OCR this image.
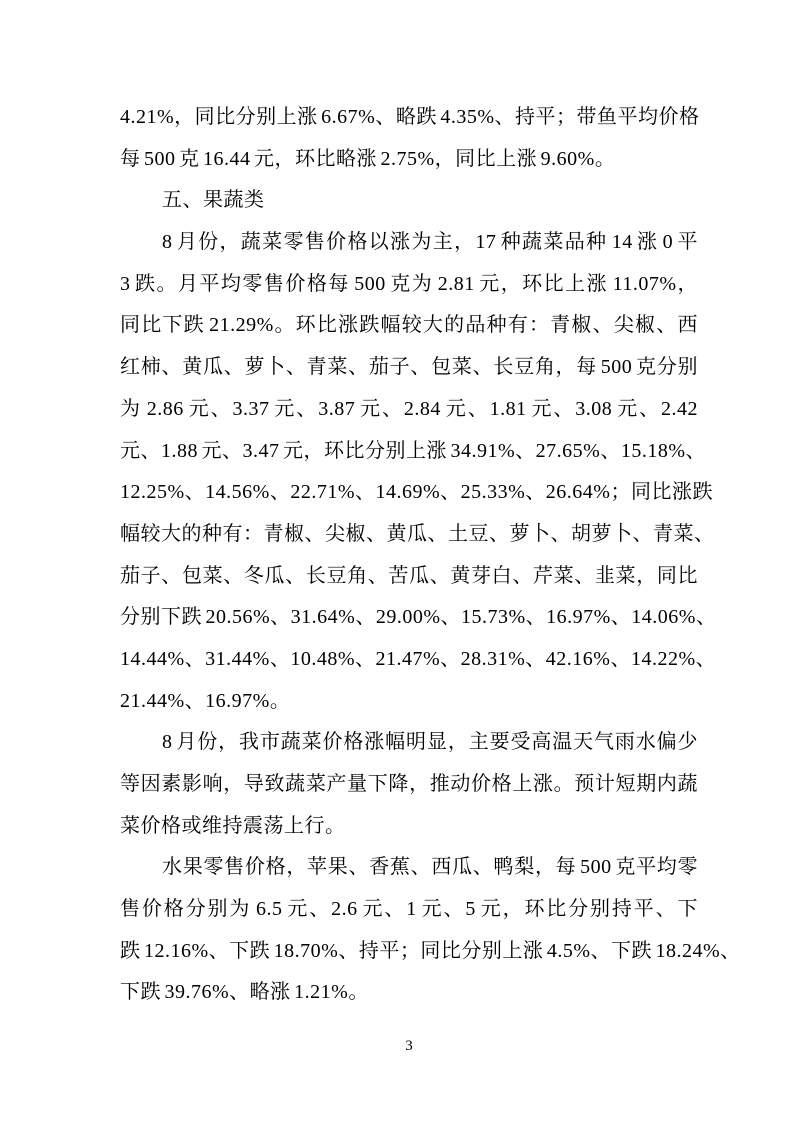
4.21%，同比分别上涨 6.67%、略跌 4.35%、持平；带鱼平均价格
每 500 克 16.44 元，环比略涨 2.75%，同比上涨 9.60%。
五、果蔬类
8 月份，蔬菜零售价格以涨为主，17 种蔬菜品种 14 涨 0 平
3 跌。月平均零售价格每 500 克为 2.81 元，环比上涨 11.07%，
同比下跌 21.29%。环比涨跌幅较大的品种有：青椒、尖椒、西
红柿、黄瓜、萝卜、青菜、茄子、包菜、长豆角，每 500 克分别
为 2.86 元、3.37 元、3.87 元、2.84 元、1.81 元、3.08 元、2.42
元、1.88 元、3.47 元，环比分别上涨 34.91%、27.65%、15.18%、
12.25%、14.56%、22.71%、14.69%、25.33%、26.64%；同比涨跌
幅较大的种有：青椒、尖椒、黄瓜、土豆、萝卜、胡萝卜、青菜、
茄子、包菜、冬瓜、长豆角、苦瓜、黄芽白、芹菜、韭菜，同比
分别下跌 20.56%、31.64%、29.00%、15.73%、16.97%、14.06%、
14.44%、31.44%、10.48%、21.47%、28.31%、42.16%、14.22%、
21.44%、16.97%。
8 月份，我市蔬菜价格涨幅明显，主要受高温天气雨水偏少
等因素影响，导致蔬菜产量下降，推动价格上涨。预计短期内蔬
菜价格或维持震荡上行。
水果零售价格，苹果、香蕉、西瓜、鸭梨，每 500 克平均零
售价格分别为 6.5 元、2.6 元、1 元、5 元，环比分别持平、下
跌 12.16%、下跌 18.70%、持平；同比分别上涨 4.5%、下跌 18.24%、
下跌 39.76%、略涨 1.21%。
3
